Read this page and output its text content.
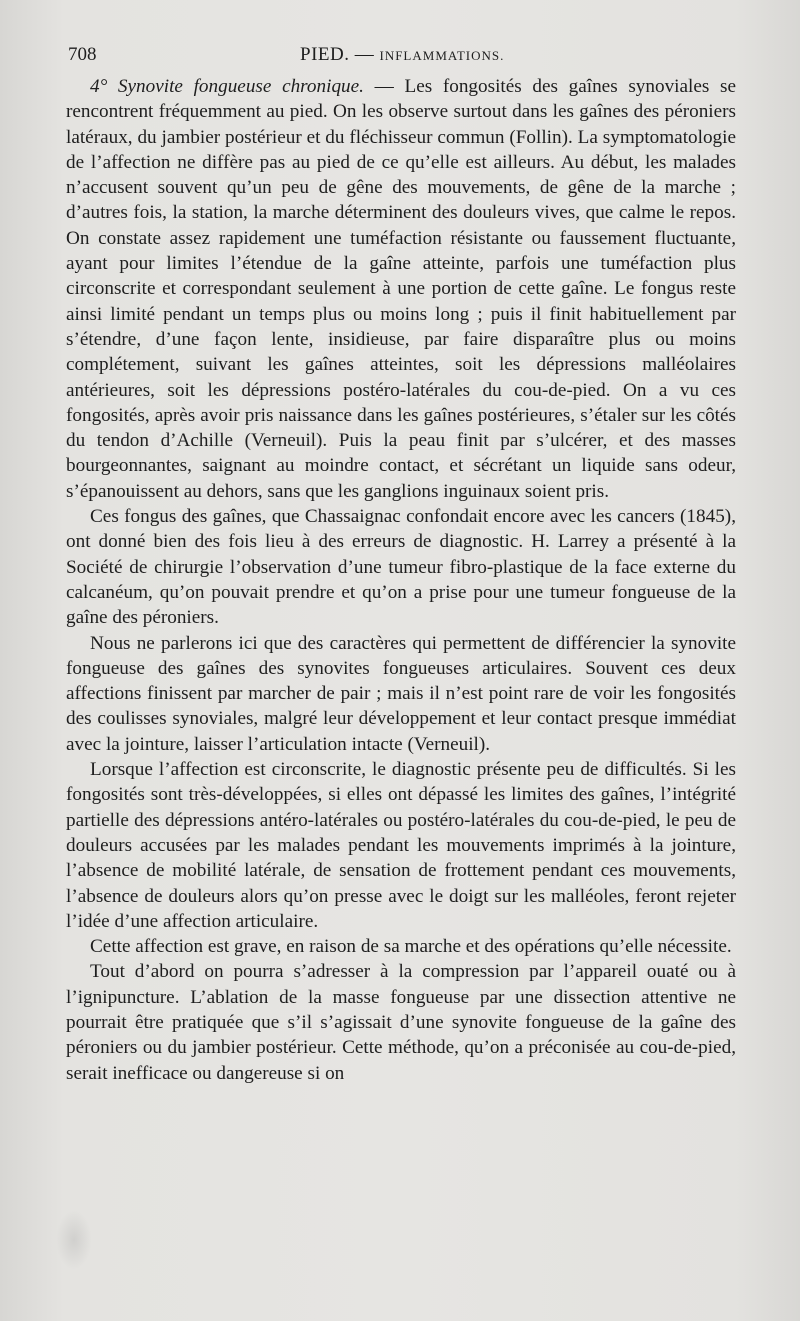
708	PIED. — INFLAMMATIONS.

4° Synovite fongueuse chronique. — Les fongosités des gaînes synoviales se rencontrent fréquemment au pied. On les observe surtout dans les gaînes des péroniers latéraux, du jambier postérieur et du fléchisseur commun (Follin). La symptomatologie de l’affection ne diffère pas au pied de ce qu’elle est ailleurs. Au début, les malades n’accusent souvent qu’un peu de gêne des mouvements, de gêne de la marche ; d’autres fois, la station, la marche déterminent des douleurs vives, que calme le repos. On constate assez rapidement une tuméfaction résistante ou faussement fluctuante, ayant pour limites l’étendue de la gaîne atteinte, parfois une tuméfaction plus circonscrite et correspondant seulement à une portion de cette gaîne. Le fongus reste ainsi limité pendant un temps plus ou moins long ; puis il finit habituellement par s’étendre, d’une façon lente, insidieuse, par faire disparaître plus ou moins complétement, suivant les gaînes atteintes, soit les dépressions malléolaires antérieures, soit les dépressions postéro-latérales du cou-de-pied. On a vu ces fongosités, après avoir pris naissance dans les gaînes postérieures, s’étaler sur les côtés du tendon d’Achille (Verneuil). Puis la peau finit par s’ulcérer, et des masses bourgeonnantes, saignant au moindre contact, et sécrétant un liquide sans odeur, s’épanouissent au dehors, sans que les ganglions inguinaux soient pris.

Ces fongus des gaînes, que Chassaignac confondait encore avec les cancers (1845), ont donné bien des fois lieu à des erreurs de diagnostic. H. Larrey a présenté à la Société de chirurgie l’observation d’une tumeur fibro-plastique de la face externe du calcanéum, qu’on pouvait prendre et qu’on a prise pour une tumeur fongueuse de la gaîne des péroniers.

Nous ne parlerons ici que des caractères qui permettent de différencier la synovite fongueuse des gaînes des synovites fongueuses articulaires. Souvent ces deux affections finissent par marcher de pair ; mais il n’est point rare de voir les fongosités des coulisses synoviales, malgré leur développement et leur contact presque immédiat avec la jointure, laisser l’articulation intacte (Verneuil).

Lorsque l’affection est circonscrite, le diagnostic présente peu de difficultés. Si les fongosités sont très-développées, si elles ont dépassé les limites des gaînes, l’intégrité partielle des dépressions antéro-latérales ou postéro-latérales du cou-de-pied, le peu de douleurs accusées par les malades pendant les mouvements imprimés à la jointure, l’absence de mobilité latérale, de sensation de frottement pendant ces mouvements, l’absence de douleurs alors qu’on presse avec le doigt sur les malléoles, feront rejeter l’idée d’une affection articulaire.

Cette affection est grave, en raison de sa marche et des opérations qu’elle nécessite.

Tout d’abord on pourra s’adresser à la compression par l’appareil ouaté ou à l’ignipuncture. L’ablation de la masse fongueuse par une dissection attentive ne pourrait être pratiquée que s’il s’agissait d’une synovite fongueuse de la gaîne des péroniers ou du jambier postérieur. Cette méthode, qu’on a préconisée au cou-de-pied, serait inefficace ou dangereuse si on
